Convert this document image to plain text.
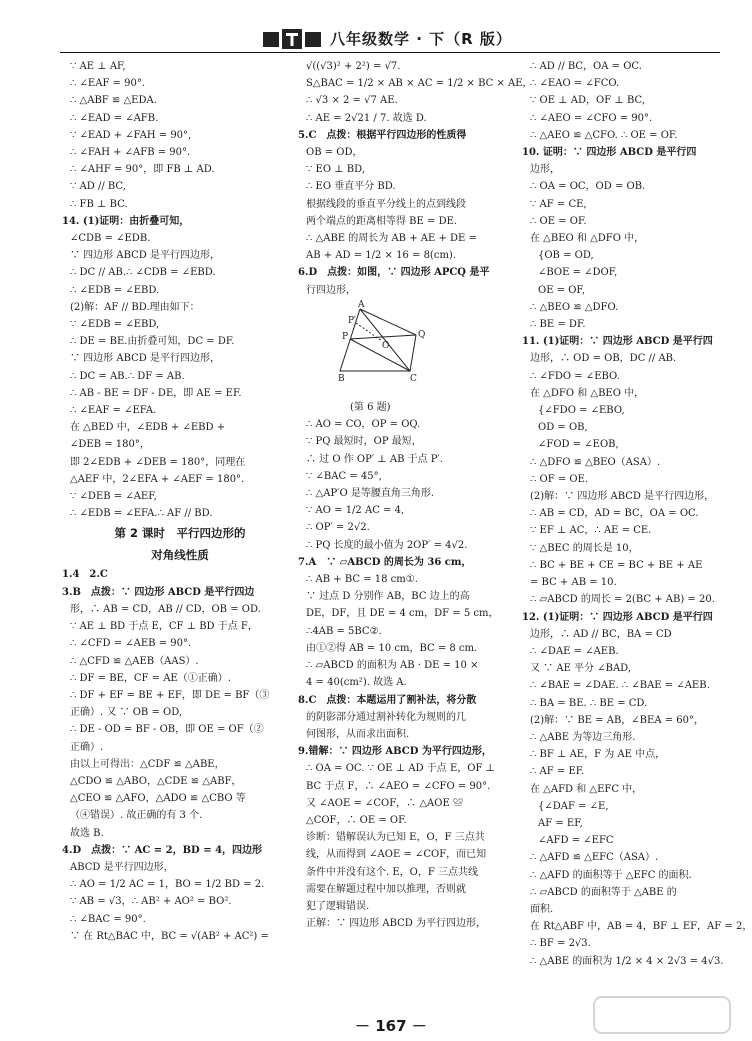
八年级数学 · 下（R 版）
∵ AE ⊥ AF,
∴ ∠EAF = 90°.
∴ △ABF ≌ △EDA.
∴ ∠EAD = ∠AFB.
∵ ∠EAD + ∠FAH = 90°,
∴ ∠FAH + ∠AFB = 90°.
∴ ∠AHF = 90°，即 FB ⊥ AD.
∵ AD // BC,
∴ FB ⊥ BC.
14. (1)证明：由折叠可知，
∠CDB = ∠EDB.
∵ 四边形 ABCD 是平行四边形，
∴ DC // AB.∴ ∠CDB = ∠EBD.
∴ ∠EDB = ∠EBD.
(2)解：AF // BD.理由如下：
∵ ∠EDB = ∠EBD,
∴ DE = BE.由折叠可知，DC = DF.
∵ 四边形 ABCD 是平行四边形，
∴ DC = AB.∴ DF = AB.
∴ AB - BE = DF - DE，即 AE = EF.
∴ ∠EAF = ∠EFA.
在 △BED 中，∠EDB + ∠EBD +
∠DEB = 180°，
即 2∠EDB + ∠DEB = 180°，同理在
△AEF 中，2∠EFA + ∠AEF = 180°.
∵ ∠DEB = ∠AEF,
∴ ∠EDB = ∠EFA.∴ AF // BD.
第 2 课时　平行四边形的
对角线性质
1.4　2.C
3.B　点拨：∵ 四边形 ABCD 是平行四边
形，∴ AB = CD，AB // CD，OB = OD.
∵ AE ⊥ BD 于点 E，CF ⊥ BD 于点 F，
∴ ∠CFD = ∠AEB = 90°.
∴ △CFD ≌ △AEB（AAS）.
∴ DF = BE，CF = AE（①正确）.
∴ DF + EF = BE + EF，即 DE = BF（③
正确）. 又 ∵ OB = OD,
∴ DE - OD = BF - OB，即 OE = OF（②
正确）.
由以上可得出：△CDF ≌ △ABE，
△CDO ≌ △ABO，△CDE ≌ △ABF，
△CEO ≌ △AFO，△ADO ≌ △CBO 等
（④错误）. 故正确的有 3 个.
故选 B.
4.D　点拨：∵ AC = 2，BD = 4，四边形
ABCD 是平行四边形，
∴ AO = 1/2 AC = 1，BO = 1/2 BD = 2.
∵ AB = √3，∴ AB² + AO² = BO².
∴ ∠BAC = 90°.
∵ 在 Rt△BAC 中，BC = √(AB² + AC²) =
√((√3)² + 2²) = √7.
S△BAC = 1/2 × AB × AC = 1/2 × BC × AE，
∴ √3 × 2 = √7 AE.
∴ AE = 2√21 / 7. 故选 D.
5.C　点拨：根据平行四边形的性质得
OB = OD，
∵ EO ⊥ BD,
∴ EO 垂直平分 BD.
根据线段的垂直平分线上的点到线段
两个端点的距离相等得 BE = DE.
∴ △ABE 的周长为 AB + AE + DE =
AB + AD = 1/2 × 16 = 8(cm).
6.D　点拨：如图，∵ 四边形 APCQ 是平
行四边形，
A
P
P′
O
Q
B	C
(第 6 题)
∴ AO = CO，OP = OQ.
∵ PQ 最短时，OP 最短，
∴ 过 O 作 OP′ ⊥ AB 于点 P′.
∵ ∠BAC = 45°,
∴ △AP′O 是等腰直角三角形.
∵ AO = 1/2 AC = 4,
∴ OP′ = 2√2.
∴ PQ 长度的最小值为 2OP′ = 4√2.
7.A　∵ ▱ABCD 的周长为 36 cm，
∴ AB + BC = 18 cm①.
∵ 过点 D 分别作 AB，BC 边上的高
DE，DF，且 DE = 4 cm，DF = 5 cm，
∴4AB = 5BC②.
由①②得 AB = 10 cm，BC = 8 cm.
∴ ▱ABCD 的面积为 AB · DE = 10 ×
4 = 40(cm²). 故选 A.
8.C　点拨：本题运用了割补法，将分散
的阴影部分通过割补转化为规则的几
何图形，从而求出面积.
9.错解：∵ 四边形 ABCD 为平行四边形，
∴ OA = OC. ∵ OE ⊥ AD 于点 E，OF ⊥
BC 于点 F，∴ ∠AEO = ∠CFO = 90°.
又 ∠AOE = ∠COF，∴ △AOE ≌
△COF，∴ OE = OF.
诊断：错解误认为已知 E，O，F 三点共
线，从而得到 ∠AOE = ∠COF，而已知
条件中并没有这个. E，O，F 三点共线
需要在解题过程中加以推理，否则就
犯了逻辑错误.
正解：∵ 四边形 ABCD 为平行四边形，
∴ AD // BC，OA = OC.
∴ ∠EAO = ∠FCO.
∵ OE ⊥ AD，OF ⊥ BC,
∴ ∠AEO = ∠CFO = 90°.
∴ △AEO ≌ △CFO. ∴ OE = OF.
10. 证明：∵ 四边形 ABCD 是平行四
边形，
∴ OA = OC，OD = OB.
∵ AF = CE,
∴ OE = OF.
在 △BEO 和 △DFO 中，
{OB = OD,
∠BOE = ∠DOF,
OE = OF,
∴ △BEO ≌ △DFO.
∴ BE = DF.
11. (1)证明：∵ 四边形 ABCD 是平行四
边形，∴ OD = OB，DC // AB.
∴ ∠FDO = ∠EBO.
在 △DFO 和 △BEO 中，
{∠FDO = ∠EBO,
OD = OB,
∠FOD = ∠EOB,
∴ △DFO ≌ △BEO（ASA）.
∴ OF = OE.
(2)解：∵ 四边形 ABCD 是平行四边形，
∴ AB = CD，AD = BC，OA = OC.
∵ EF ⊥ AC，∴ AE = CE.
∵ △BEC 的周长是 10，
∴ BC + BE + CE = BC + BE + AE
= BC + AB = 10.
∴ ▱ABCD 的周长 = 2(BC + AB) = 20.
12. (1)证明：∵ 四边形 ABCD 是平行四
边形，∴ AD // BC，BA = CD
∴ ∠DAE = ∠AEB.
又 ∵ AE 平分 ∠BAD,
∴ ∠BAE = ∠DAE. ∴ ∠BAE = ∠AEB.
∴ BA = BE. ∴ BE = CD.
(2)解：∵ BE = AB，∠BEA = 60°，
∴ △ABE 为等边三角形.
∴ BF ⊥ AE，F 为 AE 中点，
∴ AF = EF.
在 △AFD 和 △EFC 中，
{∠DAF = ∠E,
AF = EF,
∠AFD = ∠EFC
∴ △AFD ≌ △EFC（ASA）.
∴ △AFD 的面积等于 △EFC 的面积.
∴ ▱ABCD 的面积等于 △ABE 的
面积.
在 Rt△ABF 中，AB = 4，BF ⊥ EF，AF = 2，
∴ BF = 2√3.
∴ △ABE 的面积为 1/2 × 4 × 2√3 = 4√3.
－ 167 －
